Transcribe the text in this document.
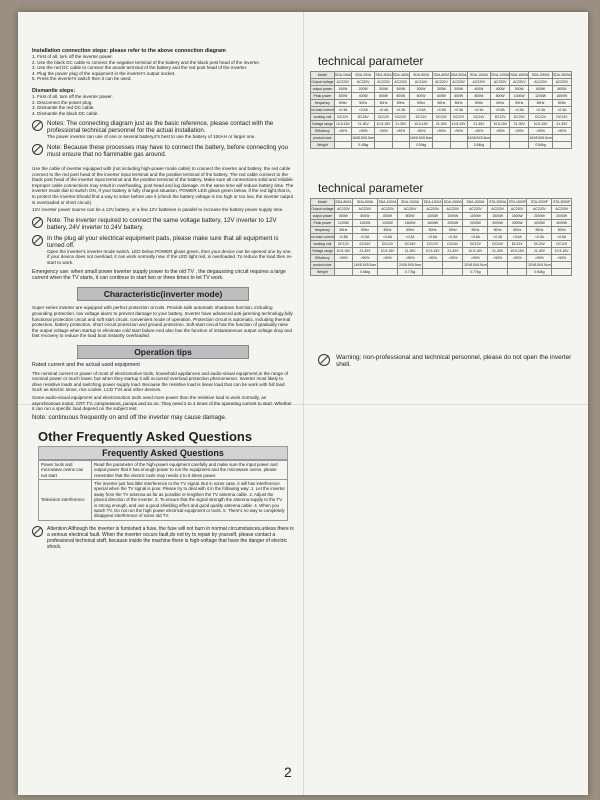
Installation connection steps: please refer to the above connection diagram

1. First of all, turn off the inverter power.
2. Use the black DC cable to connect the negative terminal of the battery and the black post head of the inverter.
3. Use the red DC cable to connect the anode terminal of the battery and the red post head of the inverter.
4. Plug the power plug of the equipment in the inverter's output socket.
5. Press the inverter's switch then it can be used.

Dismantle steps:

1. First of all, turn off the inverter power.
2. Disconnect the power plug.
3. Dismantle the red DC cable.
4. Dismantle the black DC cable.
Notes: The connecting diagram just as the basic reference, please contact with the professional technical personnel for the actual installation.
The power inverter can use of one or several battery,it's best to use the battery of 150AH or larger one.
Note: Because these processes may have to connect the battery, before connecting you must ensure that no flammable gas around.

Use the cable of inverter equipped with (not including high-power mode cable) to connect the inverter and battery, the red cable connect to the red post head of the inverter input terminal and the positive terminal of the battery. The red cable connect to the black post head of the inverter input terminal and the positive terminal of the battery, Make sure all connections solid and reliable. Improper cable connections may result in overheating, post head and lug damage. At the same time will reduce battery time. The inverter mode dial to switch ON, If your battery is fully charged situation, POWER LED glows green below, if the red light,that is, to protect the inverter.Should find a way to solve before use it (check the battery voltage is too high or too low, the inverter output is overloaded or short circuit).

12V inverter power source can be a 12V battery, or a few 12V batteries in parallel to increase the battery power supply time.

Note: The inverter required to connect the same voltage battery, 12V inverter to 12V battery, 24V inverter to 24V battery.
In the plug all your electrical equipment pads, please make sure that all equipment is turned off.
Open the inverter's inverter mode switch, LED below POWER glows green, then your device can be opened one by one, if your device does not overload, it can work normally now. If the LED light red, is overloaded. To reduce the load then re-start to work.

Emergency use: when small power inverter supply power to the old TV , the degaussing circuit requires a large current when the TV starts, it can continue to start two or three times to let TV work.

Characteristic(inverter mode)

Super series inverter are equipped with perfect protection circuits. Provide safe automatic shutdown function, including grounding protection, low voltage alarm to prevent damage to your battery. Inverter have advanced anti-jamming technology,fully functional protection circuit and soft start circuit, convenient mode of operation. Protection circuit is automatic, including thermal protection, battery protection, short circuit protection and ground protection. Soft-start circuit has the function of gradually raise the output voltage when startup to eliminate cold start failure.And also has the function of instantaneous output voltage drop and fast recovery to reduce the load boot instantly overloaded.

Operation tips

Rated current and the actual used equipment

The nominal current or power of most of electromotive tools, household appliances and audio-visual equipment,in the range of nominal power or much lower, but when they startup it will occurred overload protection phenomenon. Inverter most likely to drive resistive loads and switching power supply load. Because the resistive load is linear load that can be work with full load. Such as electric stove, rice cooker, LCD TVs and other devices.

Some audio-visual equipment and electromotion tools need more power than the resistive load to work normally, an asynchronous motor, CRT TV, compressors, pumps and so on. They need 2 to 4 times of the operating current to start. Whether it can run a specific load depend on the subject test.

Note: continuous frequently on and off the inverter may cause damage.

Other Frequently Asked Questions
Frequently Asked Questions
Power tools and microwave ovens can not start	Read the parameter of the high-power equipment carefully and make sure the input power and output power that it has enough power to run the equipment and the microwave ovens. please remember that the electric tools may needs 2 to 6 times power.
Television interference	The inverter just has little interference to the TV signal. But in some case, it will has interference special when the TV signal is poor. Please try to deal with it in the following way: 1. Let the inverter away from the TV antenna as far as possible or lengthen the TV antenna cable. 2. Adjust the placed direction of the inverter. 3. To ensure that the signal strength the antenna supply to the TV is strong enough, and use a good shielding effect and good quality antenna cable. 4. When you watch TV, Do not run the high power electrical equipment or tools. 5. There's no way to completely disappear interference of some old TV.
Attention:Although the inverter is furnished a fuse, the fuse will not burn in normal circumstances,unless there is a serious electrical fault. When the inverter occurs fault,do not try to repair by yourself, please contact a professional technical staff, because inside the machine there is high-voltage that have the danger of electric shock.
technical parameter
Model	SDA-150A	SDA-200A	SDA-300A	SDA-400A	SDA-500A	SDA-600A	SDA-800A	SDA-1000A	SDA-1200A	SDA-1500A	SDA-2000A	SDA-3000A
Output voltage	AC220V	AC220V	AC220V	AC220V	AC110V	AC220V	AC220V	AC220V	AC220V	AC220V	AC220V	AC220V
output power	150W	200W	300W	300W	300W	300W	300W	400W	400W	500W	600W	800W
Peak power	300W	400W	600W	600W	600W	600W	600W	800W	800W	1000W	1200W	1600W
frequency	50Hz	50Hz	50Hz	50Hz	50Hz	50Hz	50Hz	50Hz	50Hz	50Hz	50Hz	50Hz
no-load current	<0.3A	<0.3A	<0.4A	<0.3A	<0.3A	<0.5A	<0.3A	<0.3A	<0.5A	<0.3A	<0.3A	<0.3A
working volt	DC12V	DC24V	DC12V	DC24V	DC12V	DC24V	DC12V	DC24V	DC12V	DC24V	DC12V	DC24V
Voltage range	10.5-15V	21-30V	10.5-15V	21-30V	10.5-15V	21-30V	10.5-15V	21-30V	10.5-15V	21-30V	10.5-15V	21-30V
Efficiency	>90%	>90%	>90%	>90%	>90%	>90%	>90%	>90%	>90%	>90%	>90%	>90%
product size		16X8.5X5.5cm			16X8.5X5.5cm			16X8.5X5.5cm			16X8.5X5.5cm	
Weight		0.45kg			0.54kg			0.54kg			0.54kg	
technical parameter
Model	SDA-800A	SDA-800A	SDA-1000A	SDA-1000A	SDA-1200A	SDA-1500A	SDA-2000A	STA-2000A	STA-1500P	STA-2000P	STA-3000P
Output voltage	AC220V	AC220V	AC220V	AC220V	AC220V	AC220V	AC220V	AC220V	AC220V	AC220V	AC220V
output power	600W	800W	800W	800W	1000W	1000W	1000W	1500W	1500W	2000W	2000W
Peak power	1200W	1200W	1200W	1600W	1600W	2000W	2000W	3000W	3000W	4000W	4000W
frequency	50Hz	50Hz	50Hz	50Hz	50Hz	50Hz	50Hz	50Hz	50Hz	50Hz	50Hz
no-load current	<0.8A	<0.3A	<0.6A	<0.3A	<0.6A	<0.3A	<0.6A	<0.3A	<0.6A	<0.3A	<0.6A
working volt	DC12V	DC24V	DC12V	DC24V	DC12V	DC24V	DC12V	DC24V	DC12V	DC24V	DC12V
Voltage range	10.5-15V	21-30V	10.5-15V	21-30V	10.5-15V	21-30V	10.5-15V	21-30V	10.5-15V	21-30V	10.5-15V
Efficiency	>90%	>90%	>90%	>90%	>90%	>90%	>90%	>90%	>90%	>90%	>90%
product size		16X8.5X5.5cm		20X8.5X5.5cm			20X8.5X5.5cm			20X8.5X5.5cm	
Weight		0.54kg		0.77kg			0.77kg			0.84kg	
Warning: non-professional and technical personnel, please do not open the inverter shell.
2
